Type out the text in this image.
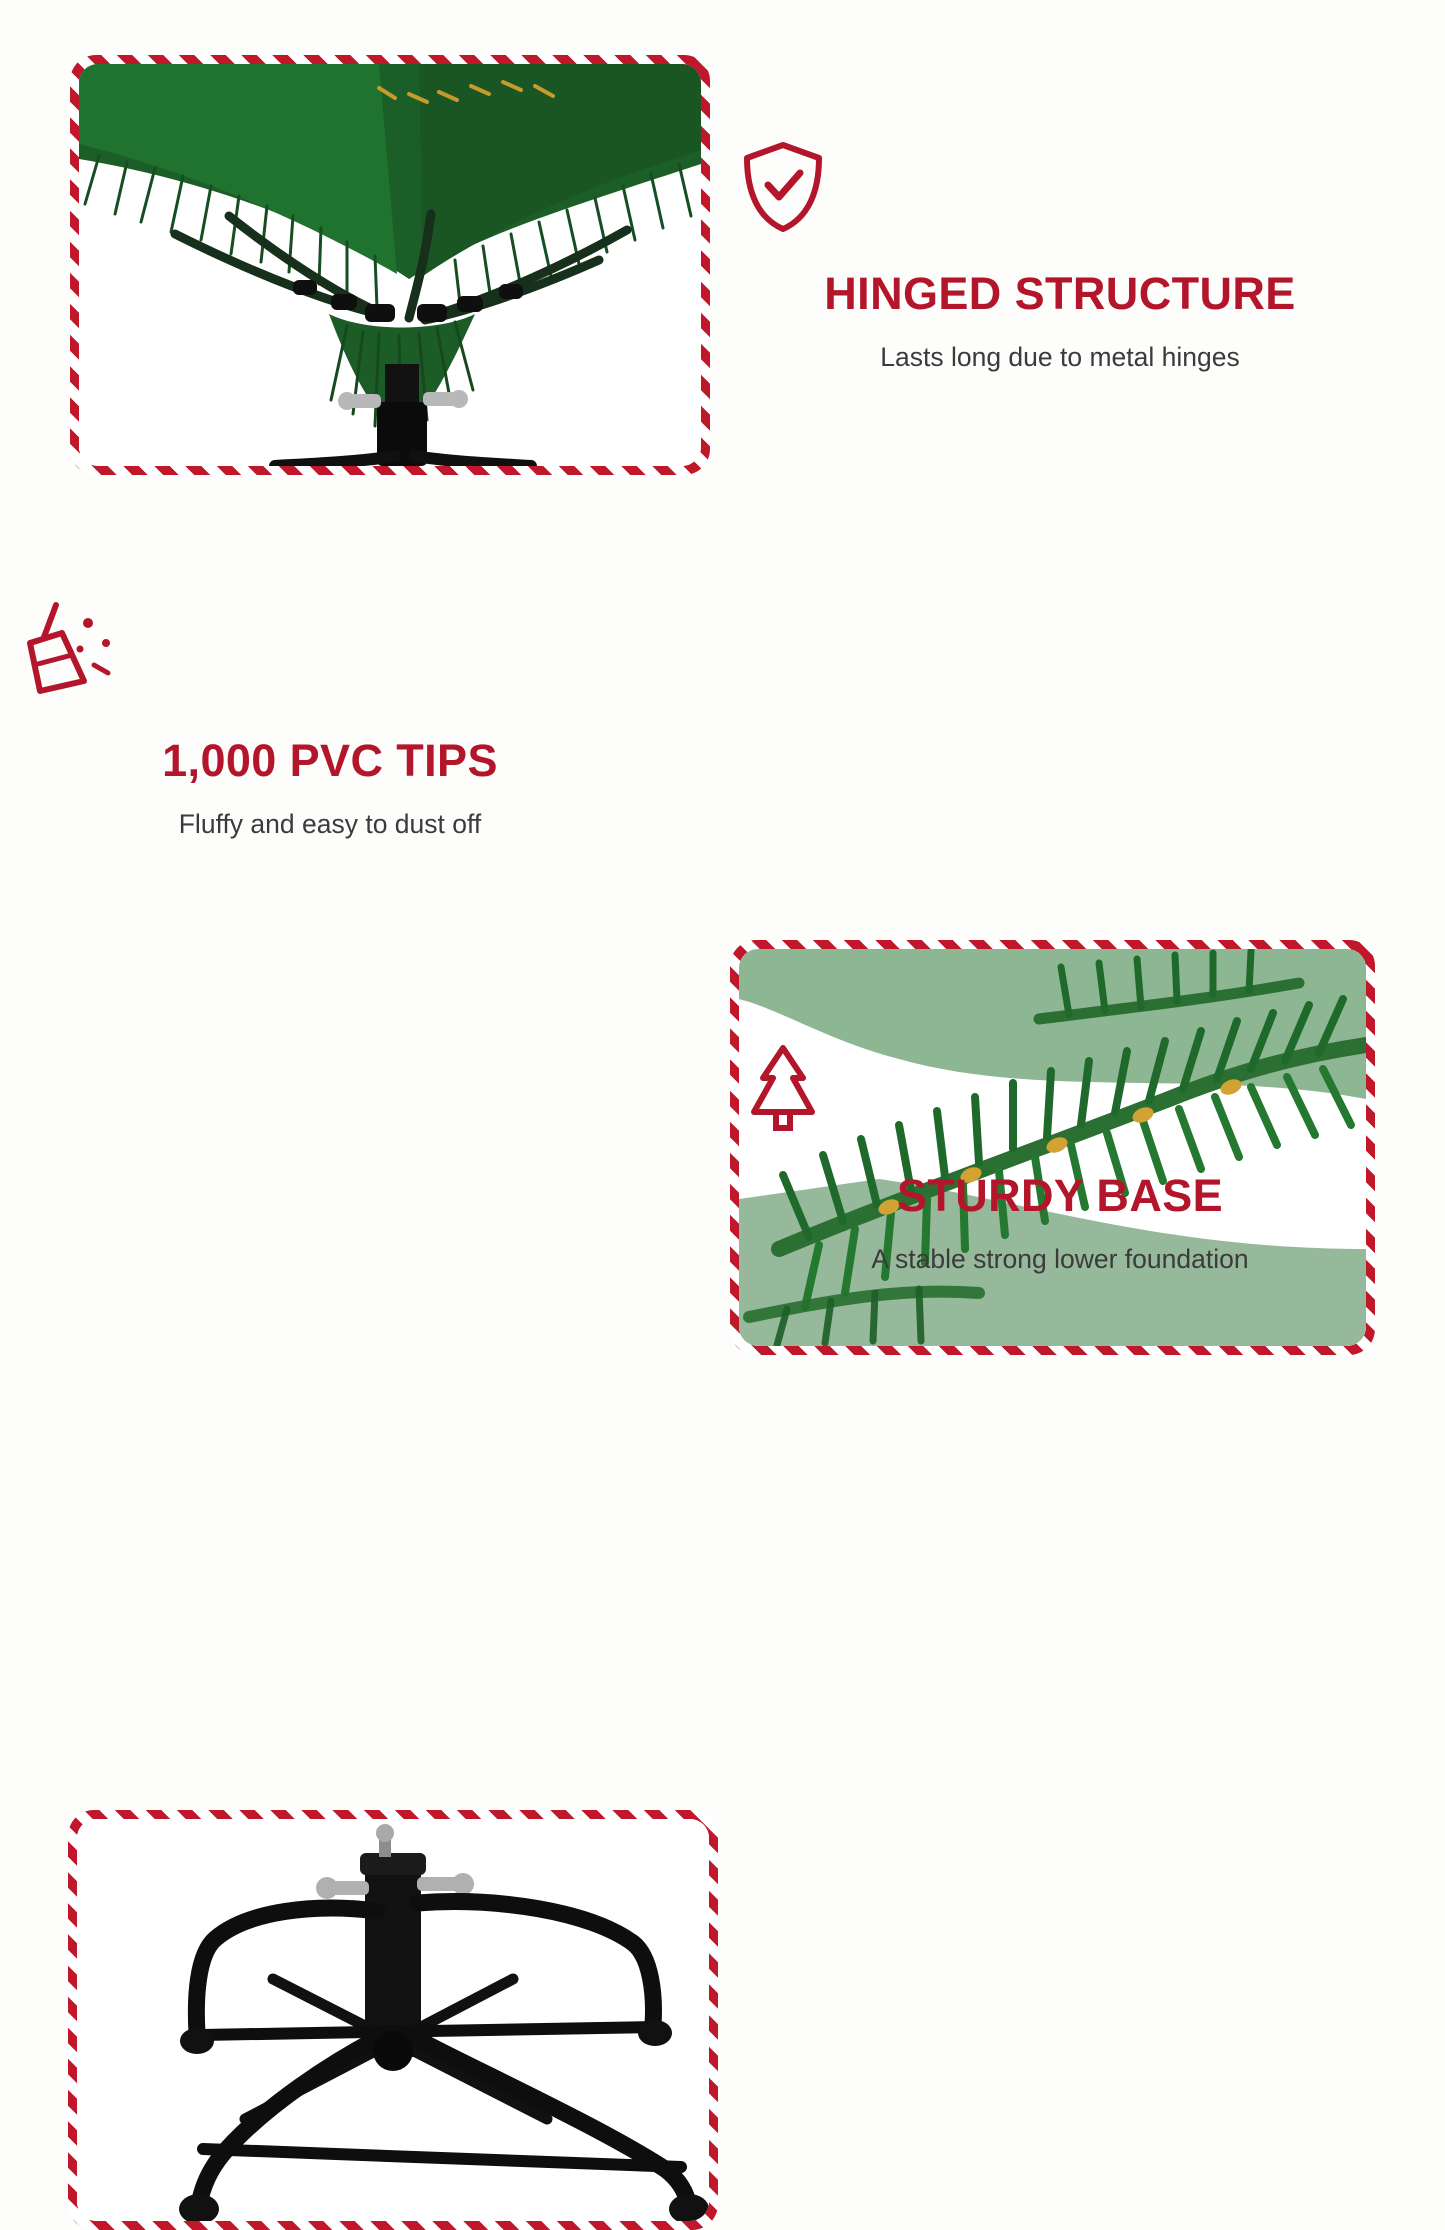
HINGED STRUCTURE
Lasts long due to metal hinges
1,000 PVC TIPS
Fluffy and easy to dust off
STURDY BASE
A stable strong lower foundation
